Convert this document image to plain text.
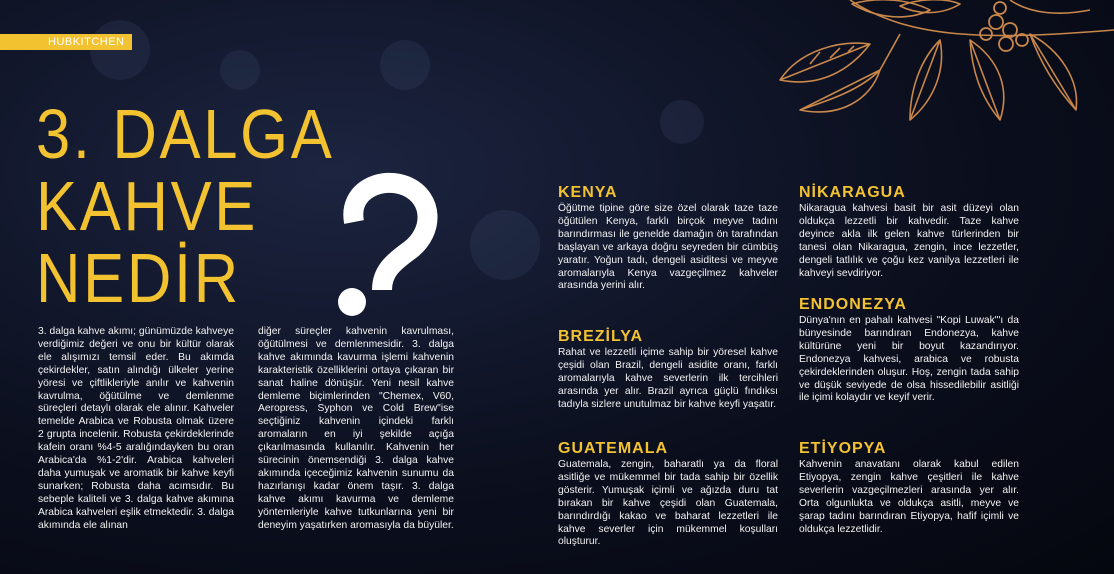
HUBKITCHEN
3. DALGA
KAHVE
NEDİR

3. dalga kahve akımı; günümüzde kahveye verdiğimiz değeri ve onu bir kültür olarak ele alışımızı temsil eder. Bu akımda çekirdekler, satın alındığı ülkeler yerine yöresi ve çiftlikleriyle anılır ve kahvenin kavrulma, öğütülme ve demlenme süreçleri detaylı olarak ele alınır. Kahveler temelde Arabica ve Robusta olmak üzere 2 grupta incelenir. Robusta çekirdeklerinde kafein oranı %4-5 aralığındayken bu oran Arabica'da %1-2'dir. Arabica kahveleri daha yumuşak ve aromatik bir kahve keyfi sunarken; Robusta daha acımsıdır. Bu sebeple kaliteli ve 3. dalga kahve akımına Arabica kahveleri eşlik etmektedir. 3. dalga akımında ele alınan

diğer süreçler kahvenin kavrulması, öğütülmesi ve demlenmesidir. 3. dalga kahve akımında kavurma işlemi kahvenin karakteristik özelliklerini ortaya çıkaran bir sanat haline dönüşür. Yeni nesil kahve demleme biçimlerinden "Chemex, V60, Aeropress, Syphon ve Cold Brew"ise seçtiğiniz kahvenin içindeki farklı aromaların en iyi şekilde açığa çıkarılmasında kullanılır. Kahvenin her sürecinin önemsendiği 3. dalga kahve akımında içeceğimiz kahvenin sunumu da hazırlanışı kadar önem taşır. 3. dalga kahve akımı kavurma ve demleme yöntemleriyle kahve tutkunlarına yeni bir deneyim yaşatırken aromasıyla da büyüler.

KENYA

Öğütme tipine göre size özel olarak taze taze öğütülen Kenya, farklı birçok meyve tadını barındırması ile genelde damağın ön tarafından başlayan ve arkaya doğru seyreden bir cümbüş yaratır. Yoğun tadı, dengeli asiditesi ve meyve aromalarıyla Kenya vazgeçilmez kahveler arasında yerini alır.

BREZİLYA

Rahat ve lezzetli içime sahip bir yöresel kahve çeşidi olan Brazil, dengeli asidite oranı, farklı aromalarıyla kahve severlerin ilk tercihleri arasında yer alır. Brazil ayrıca güçlü fındıksı tadıyla sizlere unutulmaz bir kahve keyfi yaşatır.

GUATEMALA

Guatemala, zengin, baharatlı ya da floral asitliğe ve mükemmel bir tada sahip bir özellik gösterir. Yumuşak içimli ve ağızda duru tat bırakan bir kahve çeşidi olan Guatemala, barındırdığı kakao ve baharat lezzetleri ile kahve severler için mükemmel koşulları oluşturur.

NİKARAGUA

Nikaragua kahvesi basit bir asit düzeyi olan oldukça lezzetli bir kahvedir. Taze kahve deyince akla ilk gelen kahve türlerinden bir tanesi olan Nikaragua, zengin, ince lezzetler, dengeli tatlılık ve çoğu kez vanilya lezzetleri ile kahveyi sevdiriyor.

ENDONEZYA

Dünya'nın en pahalı kahvesi "Kopi Luwak"'ı da bünyesinde barındıran Endonezya, kahve kültürüne yeni bir boyut kazandırıyor. Endonezya kahvesi, arabica ve robusta çekirdeklerinden oluşur. Hoş, zengin tada sahip ve düşük seviyede de olsa hissedilebilir asitliği ile içimi kolaydır ve keyif verir.

ETİYOPYA

Kahvenin anavatanı olarak kabul edilen Etiyopya, zengin kahve çeşitleri ile kahve severlerin vazgeçilmezleri arasında yer alır. Orta olgunlukta ve oldukça asitli, meyve ve şarap tadını barındıran Etiyopya, hafif içimli ve oldukça lezzetlidir.
